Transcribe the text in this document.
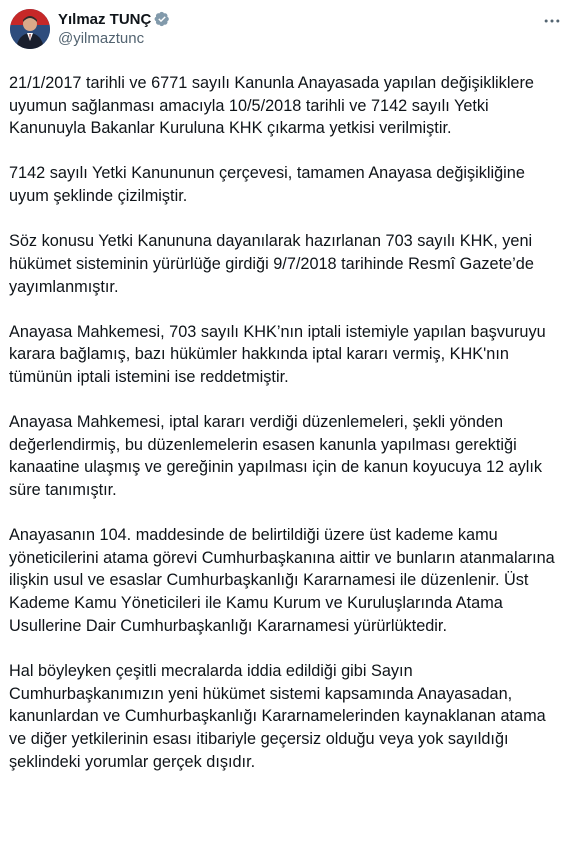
Yılmaz TUNÇ
@yilmaztunc

21/1/2017 tarihli ve 6771 sayılı Kanunla Anayasada yapılan değişikliklere uyumun sağlanması amacıyla 10/5/2018 tarihli ve 7142 sayılı Yetki Kanunuyla Bakanlar Kuruluna KHK çıkarma yetkisi verilmiştir.

7142 sayılı Yetki Kanununun çerçevesi, tamamen Anayasa değişikliğine uyum şeklinde çizilmiştir.

Söz konusu Yetki Kanununa dayanılarak hazırlanan 703 sayılı KHK, yeni hükümet sisteminin yürürlüğe girdiği 9/7/2018 tarihinde Resmî Gazete’de yayımlanmıştır.

Anayasa Mahkemesi, 703 sayılı KHK’nın iptali istemiyle yapılan başvuruyu karara bağlamış, bazı hükümler hakkında iptal kararı vermiş, KHK'nın tümünün iptali istemini ise reddetmiştir.

Anayasa Mahkemesi, iptal kararı verdiği düzenlemeleri, şekli yönden değerlendirmiş, bu düzenlemelerin esasen kanunla yapılması gerektiği kanaatine ulaşmış ve gereğinin yapılması için de kanun koyucuya 12 aylık süre tanımıştır.

Anayasanın 104. maddesinde de belirtildiği üzere üst kademe kamu yöneticilerini atama görevi Cumhurbaşkanına aittir ve bunların atanmalarına ilişkin usul ve esaslar Cumhurbaşkanlığı Kararnamesi ile düzenlenir. Üst Kademe Kamu Yöneticileri ile Kamu Kurum ve Kuruluşlarında Atama Usullerine Dair Cumhurbaşkanlığı Kararnamesi yürürlüktedir.

Hal böyleyken çeşitli mecralarda iddia edildiği gibi Sayın Cumhurbaşkanımızın yeni hükümet sistemi kapsamında Anayasadan, kanunlardan ve Cumhurbaşkanlığı Kararnamelerinden kaynaklanan atama ve diğer yetkilerinin esası itibariyle geçersiz olduğu veya yok sayıldığı şeklindeki yorumlar gerçek dışıdır.
